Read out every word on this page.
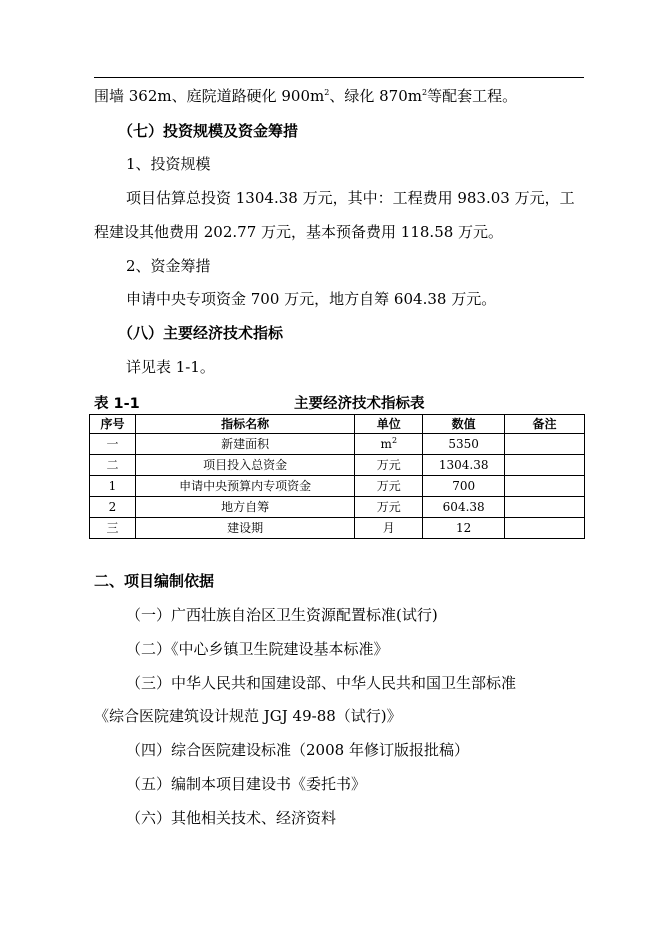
围墙 362m、庭院道路硬化 $900m^2$、绿化 $870m^2$等配套工程。
（七）投资规模及资金筹措
1、投资规模
项目估算总投资 1304.38 万元，其中：工程费用 983.03 万元，工
程建设其他费用 202.77 万元，基本预备费用 118.58 万元。
2、资金筹措
申请中央专项资金 700 万元，地方自筹 604.38 万元。
（八）主要经济技术指标
详见表 1-1。
表 1-1	主要经济技术指标表
序号	指标名称	单位	数值	备注
一	新建面积	$m^2$	5350	
二	项目投入总资金	万元	1304.38	
1	申请中央预算内专项资金	万元	700	
2	地方自筹	万元	604.38	
三	建设期	月	12	
二、项目编制依据
（一）广西壮族自治区卫生资源配置标准(试行)
（二）《中心乡镇卫生院建设基本标准》
（三）中华人民共和国建设部、中华人民共和国卫生部标准
《综合医院建筑设计规范 JGJ 49-88（试行)》
（四）综合医院建设标准（2008 年修订版报批稿）
（五）编制本项目建设书《委托书》
（六）其他相关技术、经济资料
